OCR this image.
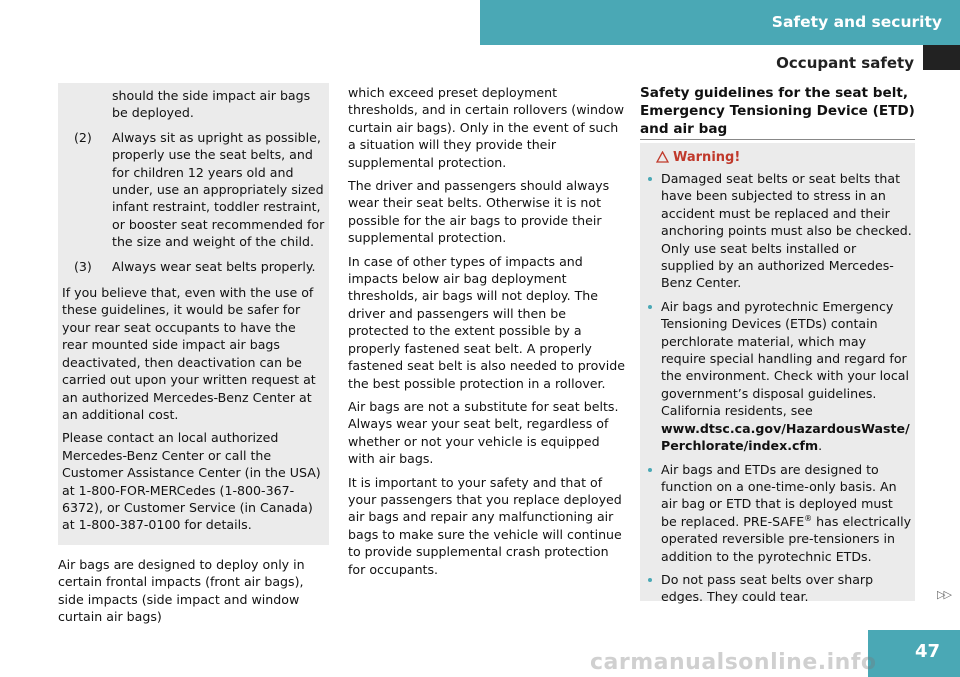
Safety and security
Occupant safety
should the side impact air bags be deployed.
(2) Always sit as upright as possible, properly use the seat belts, and for children 12 years old and under, use an appropriately sized infant restraint, toddler restraint, or booster seat recommended for the size and weight of the child.
(3) Always wear seat belts properly.

If you believe that, even with the use of these guidelines, it would be safer for your rear seat occupants to have the rear mounted side impact air bags deactivated, then deactivation can be carried out upon your written request at an authorized Mercedes-Benz Center at an additional cost.

Please contact an local authorized Mercedes-Benz Center or call the Customer Assistance Center (in the USA) at 1-800-FOR-MERCedes (1-800-367-6372), or Customer Service (in Canada) at 1-800-387-0100 for details.

Air bags are designed to deploy only in certain frontal impacts (front air bags), side impacts (side impact and window curtain air bags)

which exceed preset deployment thresholds, and in certain rollovers (window curtain air bags). Only in the event of such a situation will they provide their supplemental protection.

The driver and passengers should always wear their seat belts. Otherwise it is not possible for the air bags to provide their supplemental protection.

In case of other types of impacts and impacts below air bag deployment thresholds, air bags will not deploy. The driver and passengers will then be protected to the extent possible by a properly fastened seat belt. A properly fastened seat belt is also needed to provide the best possible protection in a rollover.

Air bags are not a substitute for seat belts. Always wear your seat belt, regardless of whether or not your vehicle is equipped with air bags.

It is important to your safety and that of your passengers that you replace deployed air bags and repair any malfunctioning air bags to make sure the vehicle will continue to provide supplemental crash protection for occupants.

Safety guidelines for the seat belt, Emergency Tensioning Device (ETD) and air bag
Warning!
Damaged seat belts or seat belts that have been subjected to stress in an accident must be replaced and their anchoring points must also be checked. Only use seat belts installed or supplied by an authorized Mercedes-Benz Center.
Air bags and pyrotechnic Emergency Tensioning Devices (ETDs) contain perchlorate material, which may require special handling and regard for the environment. Check with your local government’s disposal guidelines. California residents, see www.dtsc.ca.gov/HazardousWaste/ Perchlorate/index.cfm.
Air bags and ETDs are designed to function on a one-time-only basis. An air bag or ETD that is deployed must be replaced. PRE-SAFE® has electrically operated reversible pre-tensioners in addition to the pyrotechnic ETDs.
Do not pass seat belts over sharp edges. They could tear.	▷▷
47
carmanualsonline.info
